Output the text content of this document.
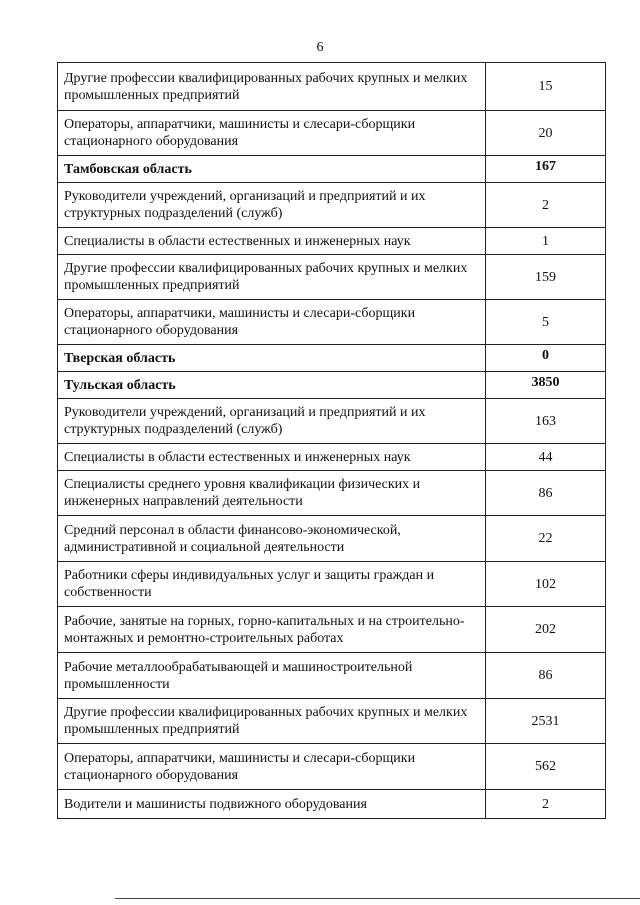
6
Другие профессии квалифицированных рабочих крупных и мелких промышленных предприятий	15
Операторы, аппаратчики, машинисты и слесари-сборщики стационарного оборудования	20
Тамбовская область	167
Руководители учреждений, организаций и предприятий и их структурных подразделений (служб)	2
Специалисты в области естественных и инженерных наук	1
Другие профессии квалифицированных рабочих крупных и мелких промышленных предприятий	159
Операторы, аппаратчики, машинисты и слесари-сборщики стационарного оборудования	5
Тверская область	0
Тульская область	3850
Руководители учреждений, организаций и предприятий и их структурных подразделений (служб)	163
Специалисты в области естественных и инженерных наук	44
Специалисты среднего уровня квалификации физических и инженерных направлений деятельности	86
Средний персонал в области финансово-экономической, административной и социальной деятельности	22
Работники сферы индивидуальных услуг и защиты граждан и собственности	102
Рабочие, занятые на горных, горно-капитальных и на строительно-монтажных и ремонтно-строительных работах	202
Рабочие металлообрабатывающей и машиностроительной промышленности	86
Другие профессии квалифицированных рабочих крупных и мелких промышленных предприятий	2531
Операторы, аппаратчики, машинисты и слесари-сборщики стационарного оборудования	562
Водители и машинисты подвижного оборудования	2
